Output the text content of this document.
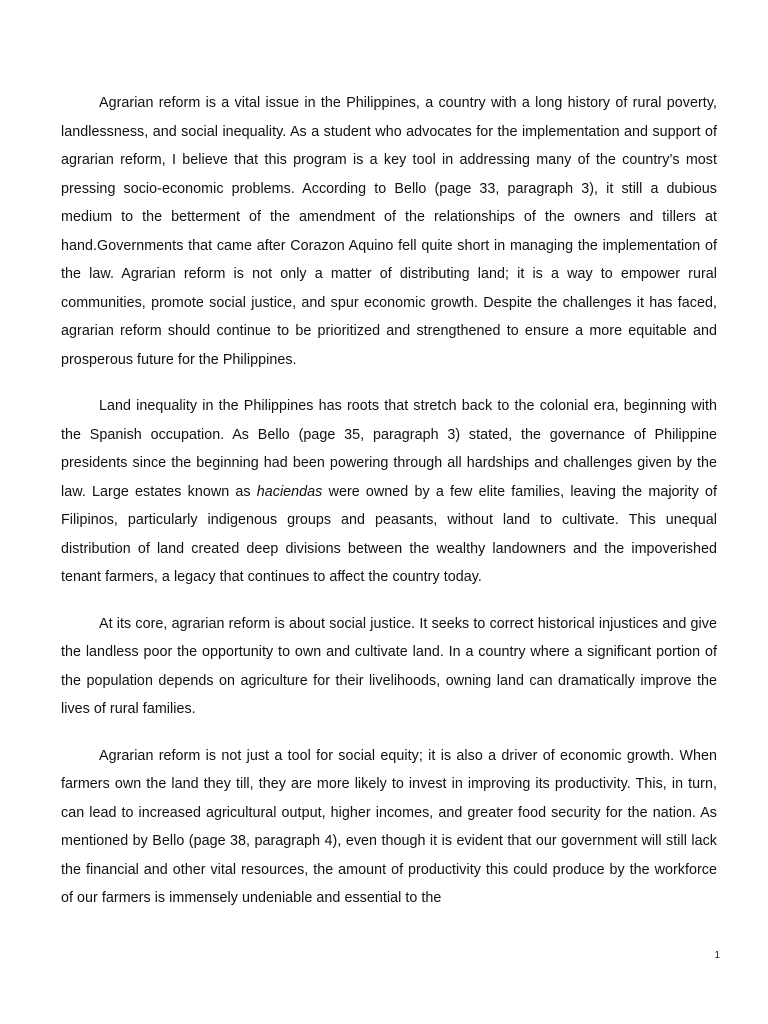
Agrarian reform is a vital issue in the Philippines, a country with a long history of rural poverty, landlessness, and social inequality. As a student who advocates for the implementation and support of agrarian reform, I believe that this program is a key tool in addressing many of the country’s most pressing socio-economic problems. According to Bello (page 33, paragraph 3), it still a dubious medium to the betterment of the amendment of the relationships of the owners and tillers at hand.Governments that came after Corazon Aquino fell quite short in managing the implementation of the law. Agrarian reform is not only a matter of distributing land; it is a way to empower rural communities, promote social justice, and spur economic growth. Despite the challenges it has faced, agrarian reform should continue to be prioritized and strengthened to ensure a more equitable and prosperous future for the Philippines.

Land inequality in the Philippines has roots that stretch back to the colonial era, beginning with the Spanish occupation. As Bello (page 35, paragraph 3) stated, the governance of Philippine presidents since the beginning had been powering through all hardships and challenges given by the law. Large estates known as haciendas were owned by a few elite families, leaving the majority of Filipinos, particularly indigenous groups and peasants, without land to cultivate. This unequal distribution of land created deep divisions between the wealthy landowners and the impoverished tenant farmers, a legacy that continues to affect the country today.

At its core, agrarian reform is about social justice. It seeks to correct historical injustices and give the landless poor the opportunity to own and cultivate land. In a country where a significant portion of the population depends on agriculture for their livelihoods, owning land can dramatically improve the lives of rural families.

Agrarian reform is not just a tool for social equity; it is also a driver of economic growth. When farmers own the land they till, they are more likely to invest in improving its productivity. This, in turn, can lead to increased agricultural output, higher incomes, and greater food security for the nation. As mentioned by Bello (page 38, paragraph 4), even though it is evident that our government will still lack the financial and other vital resources, the amount of productivity this could produce by the workforce of our farmers is immensely undeniable and essential to the

1
